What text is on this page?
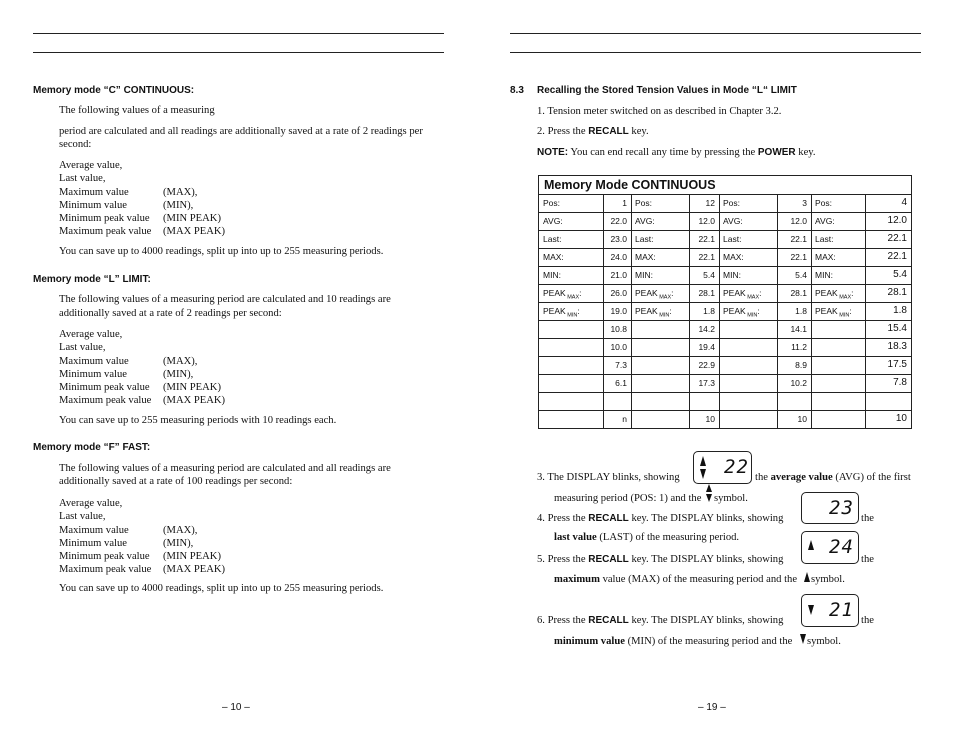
Memory mode “C” CONTINUOUS:
The following values of a measuring
period are calculated and all readings are additionally saved at a rate of 2 readings per
second:
Average value,
Last value,
Maximum value
Minimum value
Minimum peak value
Maximum peak value
(MAX),
(MIN),
(MIN PEAK)
(MAX PEAK)
You can save up to 4000 readings, split up into up to 255 measuring periods.
Memory mode “L” LIMIT:
The following values of a measuring period are calculated and 10 readings are
additionally saved at a rate of 2 readings per second:
Average value,
Last value,
Maximum value
Minimum value
Minimum peak value
Maximum peak value
(MAX),
(MIN),
(MIN PEAK)
(MAX PEAK)
You can save up to 255 measuring periods with 10 readings each.
Memory mode “F” FAST:
The following values of a measuring period are calculated and all readings are
additionally saved at a rate of 100 readings per second:
Average value,
Last value,
Maximum value
Minimum value
Minimum peak value
Maximum peak value
(MAX),
(MIN),
(MIN PEAK)
(MAX PEAK)
You can save up to 4000 readings, split up into up to 255 measuring periods.
– 10 –
8.3 Recalling the Stored Tension Values in Mode “L“ LIMIT
1. Tension meter switched on as described in Chapter 3.2.
2. Press the RECALL key.
NOTE: You can end recall any time by pressing the POWER key.
Memory Mode CONTINUOUS
Pos:
AVG:
Last:
MAX:
MIN:
PEAK $_{MAX}$:
PEAK $_{MIN}$:
1
22.0
23.0
24.0
21.0
26.0
19.0
10.8
10.0
7.3
6.1
n
Pos:
AVG:
Last:
MAX:
MIN:
PEAK $_{MAX}$:
PEAK $_{MIN}$:
12
12.0
22.1
22.1
5.4
28.1
1.8
14.2
19.4
22.9
17.3
10
Pos:
AVG:
Last:
MAX:
MIN:
PEAK $_{MAX}$:
PEAK $_{MIN}$:
3
12.0
22.1
22.1
5.4
28.1
1.8
14.1
11.2
8.9
10.2
10
Pos:
AVG:
Last:
MAX:
MIN:
PEAK $_{MAX}$:
PEAK $_{MIN}$:
4
12.0
22.1
22.1
5.4
28.1
1.8
15.4
18.3
17.5
7.8
10
3. The DISPLAY blinks, showing 22 the average value (AVG) of the first
measuring period (POS: 1) and the symbol.
4. Press the RECALL key. The DISPLAY blinks, showing 23 the
last value (LAST) of the measuring period.
5. Press the RECALL key. The DISPLAY blinks, showing
24
the
maximum value (MAX) of the measuring period and the symbol.
6. Press the RECALL key. The DISPLAY blinks, showing 21 the
minimum value (MIN) of the measuring period and the symbol.
– 19 –
